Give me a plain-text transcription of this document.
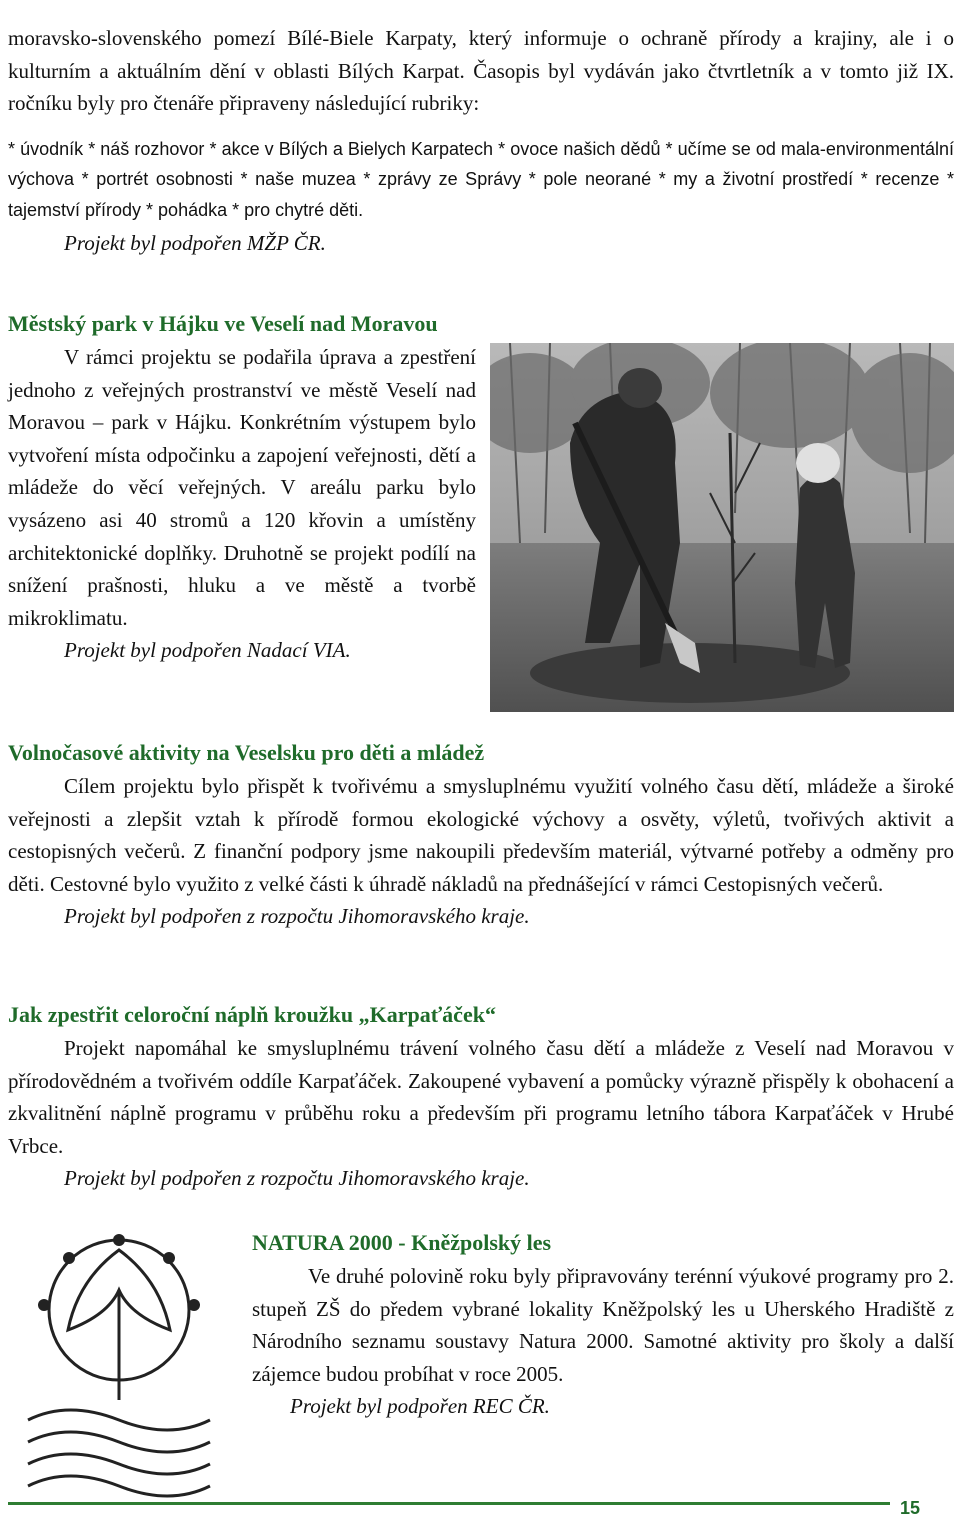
moravsko-slovenského pomezí Bílé-Biele Karpaty, který informuje o ochraně přírody a krajiny, ale i o kulturním a aktuálním dění v oblasti Bílých Karpat. Časopis byl vydáván jako čtvrtletník a v tomto již IX. ročníku byly pro čtenáře připraveny následující rubriky:

* úvodník * náš rozhovor * akce v Bílých a Bielych Karpatech * ovoce našich dědů * učíme se od mala-environmentální výchova * portrét osobnosti * naše muzea * zprávy ze Správy * pole neorané * my a životní prostředí * recenze * tajemství přírody * pohádka * pro chytré děti.

Projekt byl podpořen MŽP ČR.

Městský park v Hájku ve Veselí nad Moravou

V rámci projektu se podařila úprava a zpestření jednoho z veřejných prostranství ve městě Veselí nad Moravou – park v Hájku. Konkrétním výstupem bylo vytvoření místa odpočinku a zapojení veřejnosti, dětí a mládeže do věcí veřejných. V areálu parku bylo vysázeno asi 40 stromů a 120 křovin a umístěny architektonické doplňky. Druhotně se projekt podílí na snížení prašnosti, hluku a ve městě a tvorbě mikroklimatu.

Projekt byl podpořen Nadací VIA.

Volnočasové aktivity na Veselsku pro děti a mládež

Cílem projektu bylo přispět k tvořivému a smysluplnému využití volného času dětí, mládeže a široké veřejnosti a zlepšit vztah k přírodě formou ekologické výchovy a osvěty, výletů, tvořivých aktivit a cestopisných večerů. Z finanční podpory jsme nakoupili především materiál, výtvarné potřeby a odměny pro děti. Cestovné bylo využito z velké části k úhradě nákladů na přednášející v rámci Cestopisných večerů.

Projekt byl podpořen z rozpočtu Jihomoravského kraje.

Jak zpestřit celoroční náplň kroužku „Karpaťáček“

Projekt napomáhal ke smysluplnému trávení volného času dětí a mládeže z Veselí nad Moravou v přírodovědném a tvořivém oddíle Karpaťáček. Zakoupené vybavení a pomůcky výrazně přispěly k obohacení a zkvalitnění náplně programu v průběhu roku a především při programu letního tábora Karpaťáček v Hrubé Vrbce.

Projekt byl podpořen z rozpočtu Jihomoravského kraje.

NATURA 2000 - Kněžpolský les

Ve druhé polovině roku byly připravovány terénní výukové programy pro 2. stupeň ZŠ do předem vybrané lokality Kněžpolský les u Uherského Hradiště z Národního seznamu soustavy Natura 2000. Samotné aktivity pro školy a další zájemce budou probíhat v roce 2005.

Projekt byl podpořen REC ČR.

15
